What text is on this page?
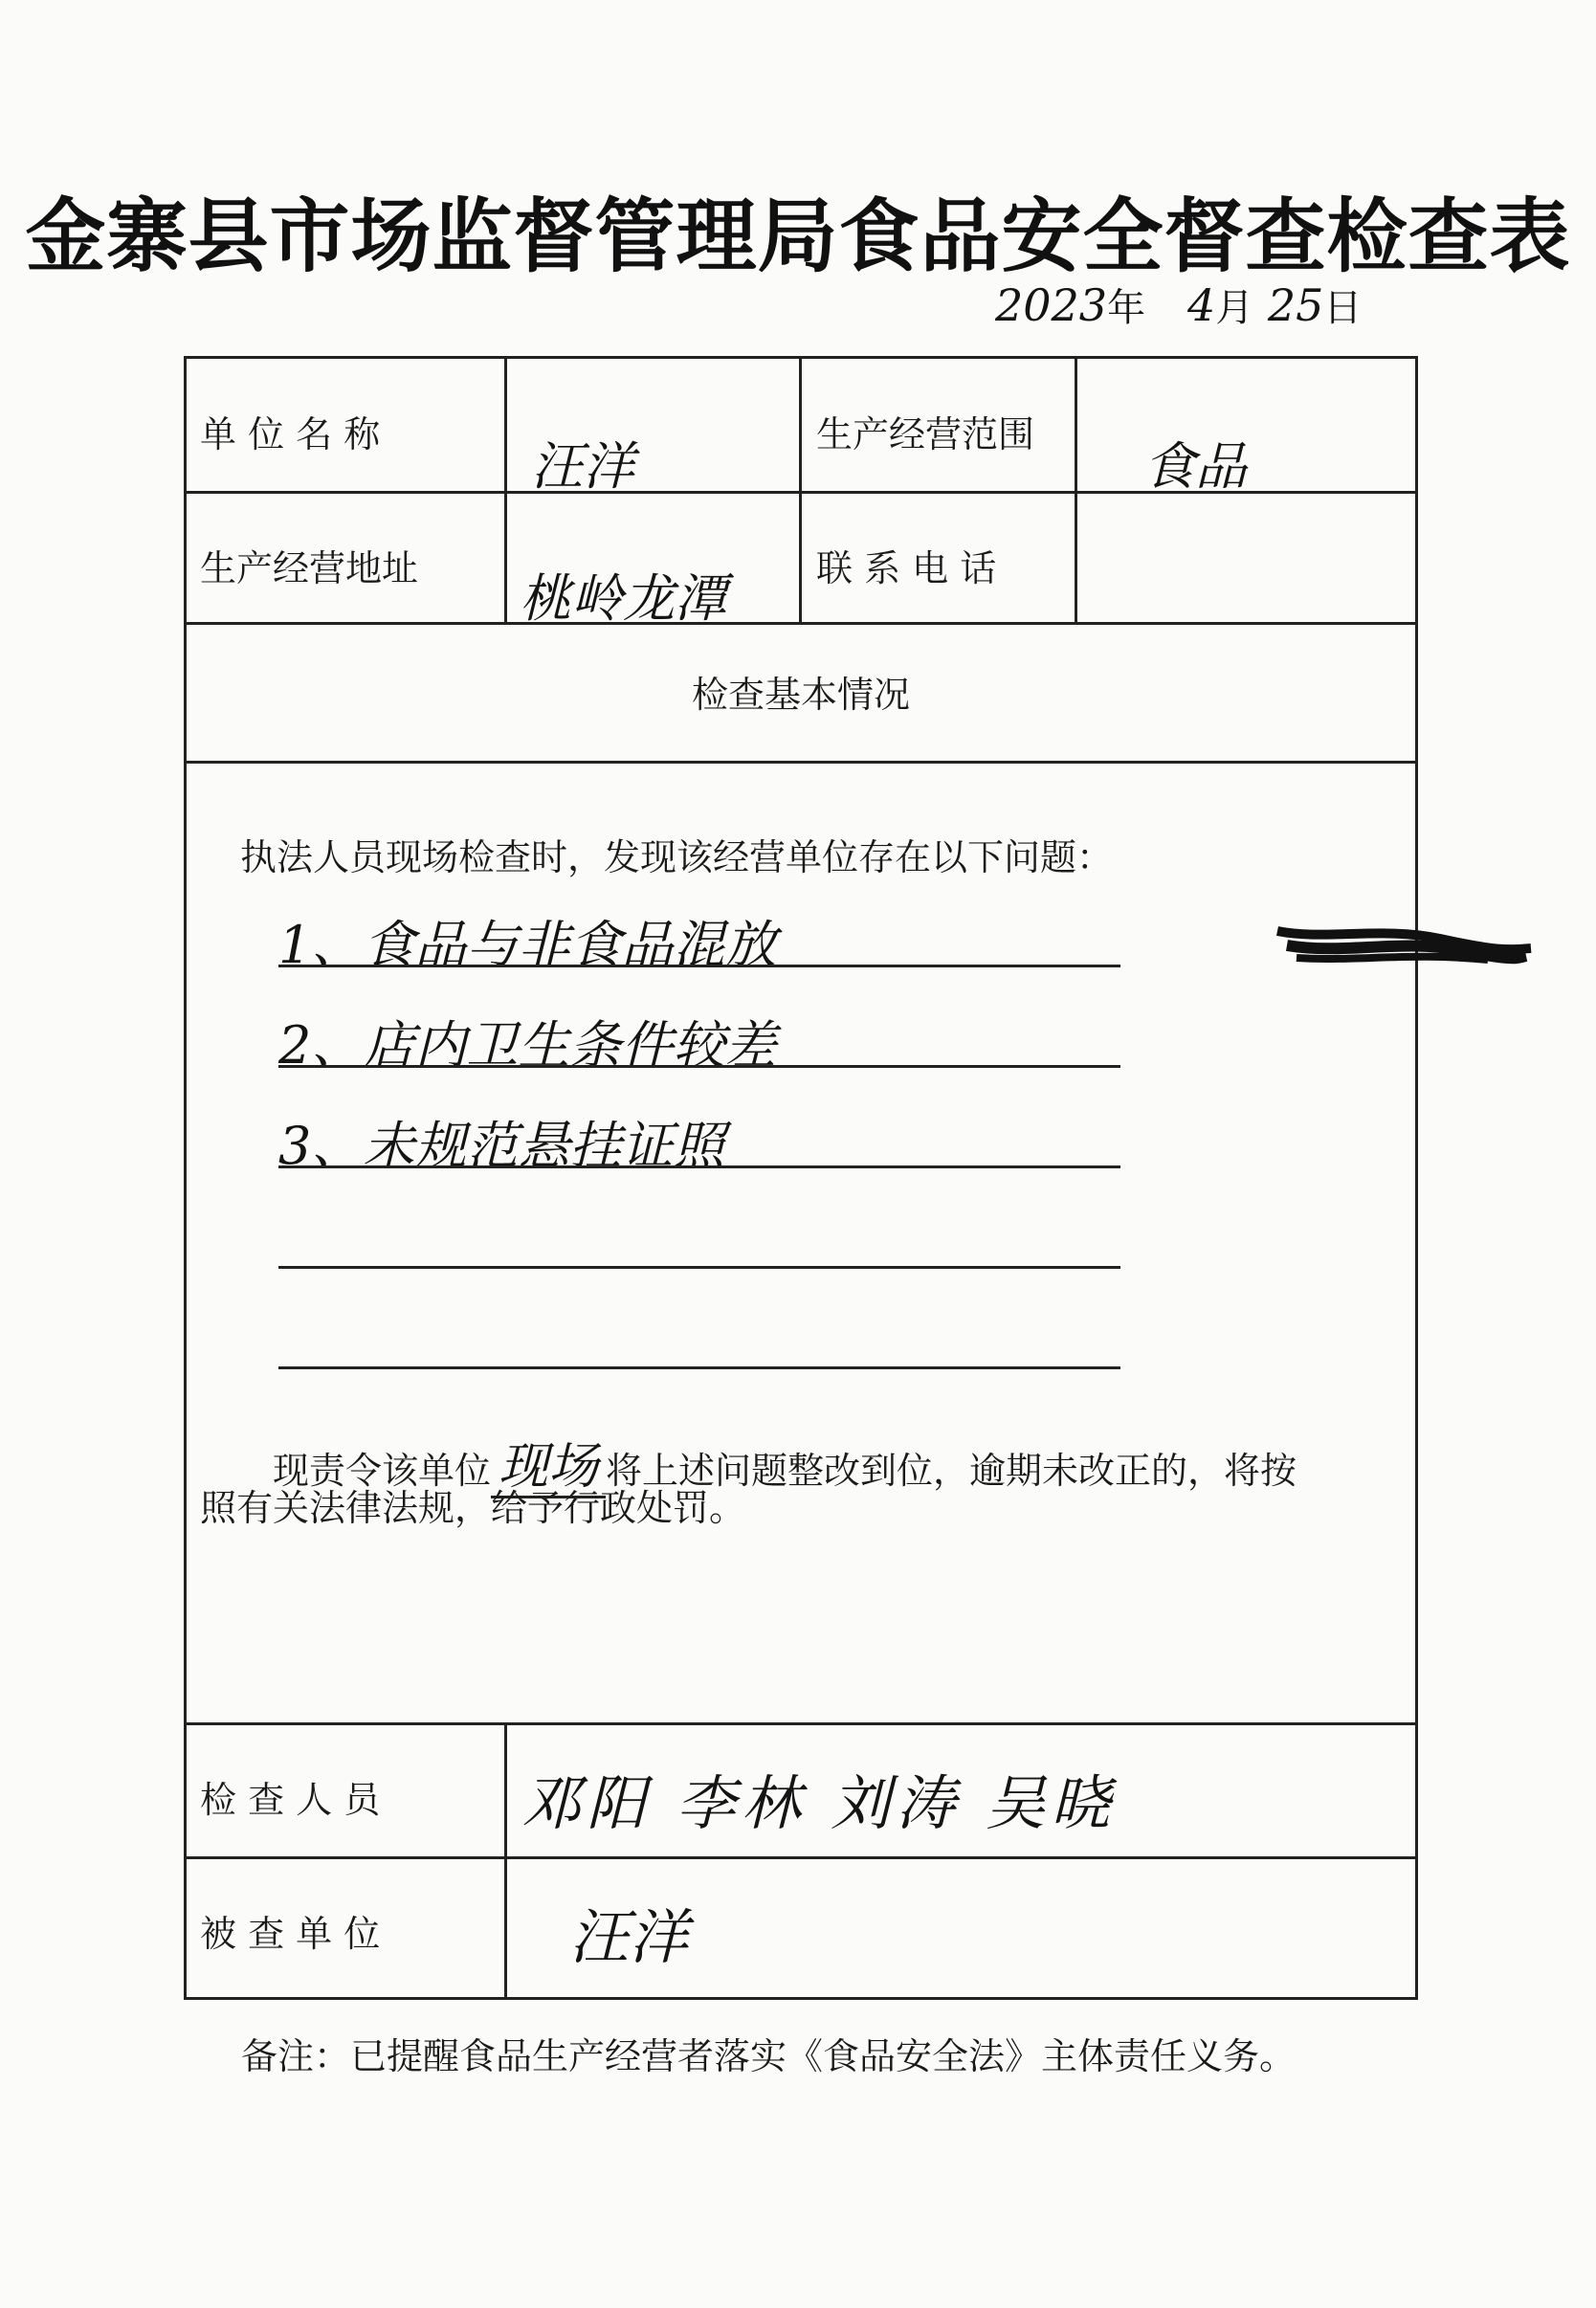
金寨县市场监督管理局食品安全督查检查表
2023年 4月 25日
单 位 名 称
汪洋
生产经营范围
食品
生产经营地址 桃岭龙潭 联 系 电 话
检查基本情况
执法人员现场检查时，发现该经营单位存在以下问题：
1、食品与非食品混放
2、店内卫生条件较差
3、未规范悬挂证照
现责令该单位 现场 将上述问题整改到位，逾期未改正的，将按
照有关法律法规，给予行政处罚。
检 查 人 员 邓阳 李林 刘涛 吴晓
被 查 单 位	汪洋
备注：已提醒食品生产经营者落实《食品安全法》主体责任义务。
